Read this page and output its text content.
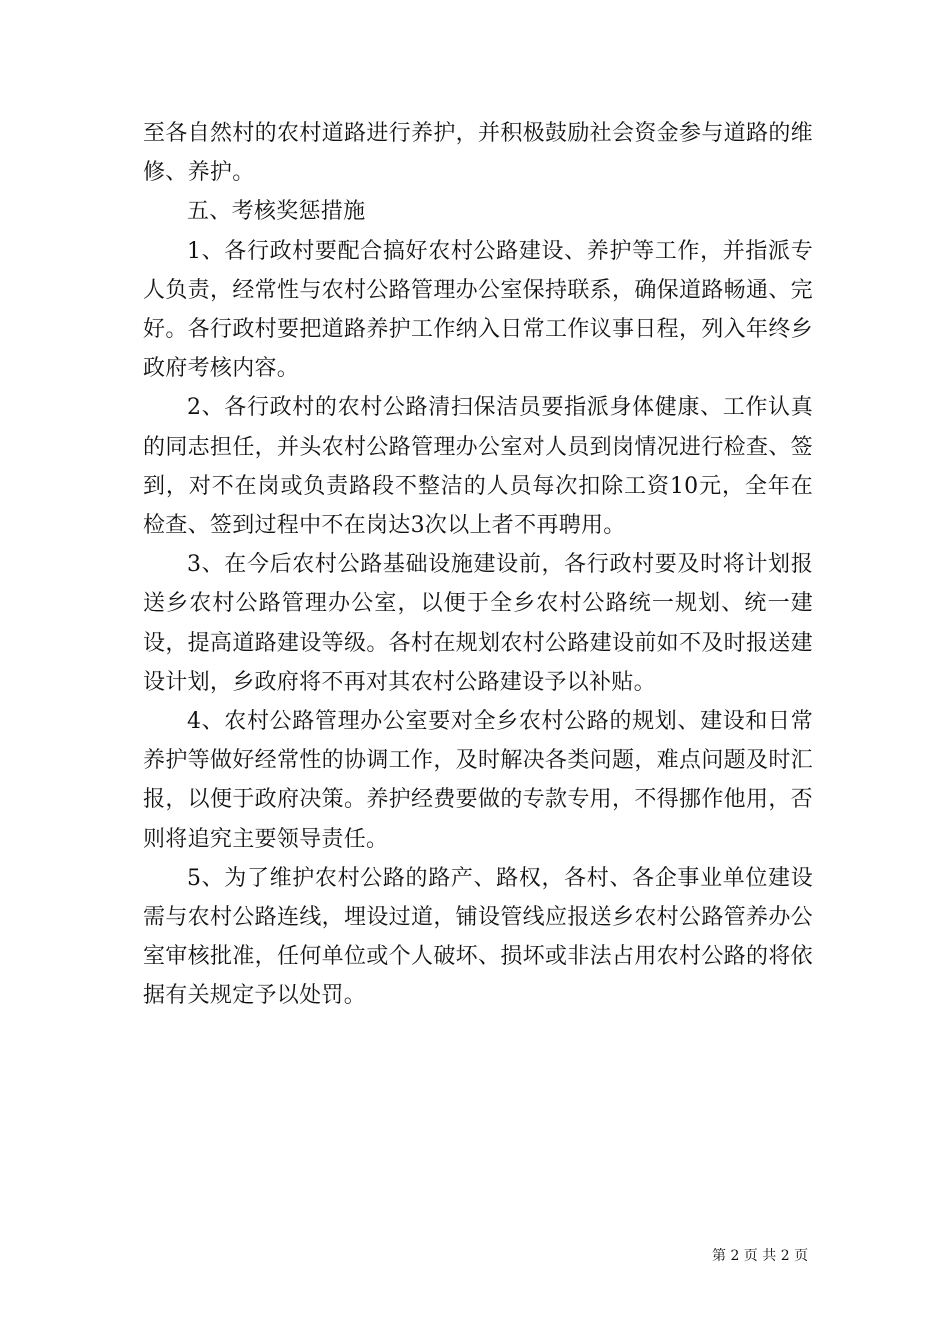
至各自然村的农村道路进行养护，并积极鼓励社会资金参与道路的维修、养护。

五、考核奖惩措施

1、各行政村要配合搞好农村公路建设、养护等工作，并指派专人负责，经常性与农村公路管理办公室保持联系，确保道路畅通、完好。各行政村要把道路养护工作纳入日常工作议事日程，列入年终乡政府考核内容。

2、各行政村的农村公路清扫保洁员要指派身体健康、工作认真的同志担任，并头农村公路管理办公室对人员到岗情况进行检查、签到，对不在岗或负责路段不整洁的人员每次扣除工资10元，全年在检查、签到过程中不在岗达3次以上者不再聘用。

3、在今后农村公路基础设施建设前，各行政村要及时将计划报送乡农村公路管理办公室，以便于全乡农村公路统一规划、统一建设，提高道路建设等级。各村在规划农村公路建设前如不及时报送建设计划，乡政府将不再对其农村公路建设予以补贴。

4、农村公路管理办公室要对全乡农村公路的规划、建设和日常养护等做好经常性的协调工作，及时解决各类问题，难点问题及时汇报，以便于政府决策。养护经费要做的专款专用，不得挪作他用，否则将追究主要领导责任。

5、为了维护农村公路的路产、路权，各村、各企事业单位建设需与农村公路连线，埋设过道，铺设管线应报送乡农村公路管养办公室审核批准，任何单位或个人破坏、损坏或非法占用农村公路的将依据有关规定予以处罚。

第 2 页 共 2 页
